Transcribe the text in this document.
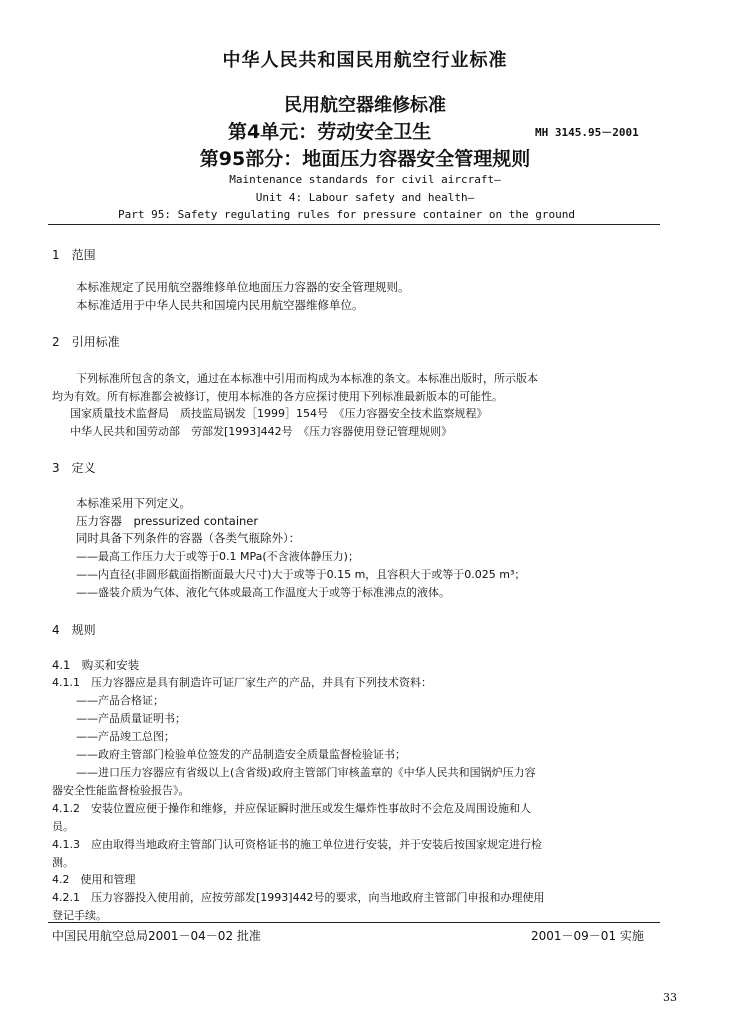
中华人民共和国民用航空行业标准
民用航空器维修标准
第4单元：劳动安全卫生	MH 3145.95－2001
第95部分：地面压力容器安全管理规则
Maintenance standards for civil aircraft—
Unit 4: Labour safety and health—
Part 95: Safety regulating rules for pressure container on the ground
1　范围
本标准规定了民用航空器维修单位地面压力容器的安全管理规则。
本标准适用于中华人民共和国境内民用航空器维修单位。
2　引用标准
下列标准所包含的条文，通过在本标准中引用而构成为本标准的条文。本标准出版时，所示版本
均为有效。所有标准都会被修订，使用本标准的各方应探讨使用下列标准最新版本的可能性。
国家质量技术监督局　质技监局锅发［1999］154号　《压力容器安全技术监察规程》
中华人民共和国劳动部　劳部发[1993]442号　《压力容器使用登记管理规则》
3　定义
本标准采用下列定义。
压力容器　pressurized container
同时具备下列条件的容器（各类气瓶除外）：
——最高工作压力大于或等于0.1 MPa(不含液体静压力)；
——内直径(非圆形截面指断面最大尺寸)大于或等于0.15 m，且容积大于或等于0.025 m³；
——盛装介质为气体、液化气体或最高工作温度大于或等于标准沸点的液体。
4　规则
4.1　购买和安装
4.1.1　压力容器应是具有制造许可证厂家生产的产品，并具有下列技术资料：
——产品合格证；
——产品质量证明书；
——产品竣工总图；
——政府主管部门检验单位签发的产品制造安全质量监督检验证书；
——进口压力容器应有省级以上(含省级)政府主管部门审核盖章的《中华人民共和国锅炉压力容
器安全性能监督检验报告》。
4.1.2　安装位置应便于操作和维修，并应保证瞬时泄压或发生爆炸性事故时不会危及周围设施和人
员。
4.1.3　应由取得当地政府主管部门认可资格证书的施工单位进行安装，并于安装后按国家规定进行检
测。
4.2　使用和管理
4.2.1　压力容器投入使用前，应按劳部发[1993]442号的要求，向当地政府主管部门申报和办理使用
登记手续。
中国民用航空总局2001－04－02 批准	2001－09－01 实施
33
